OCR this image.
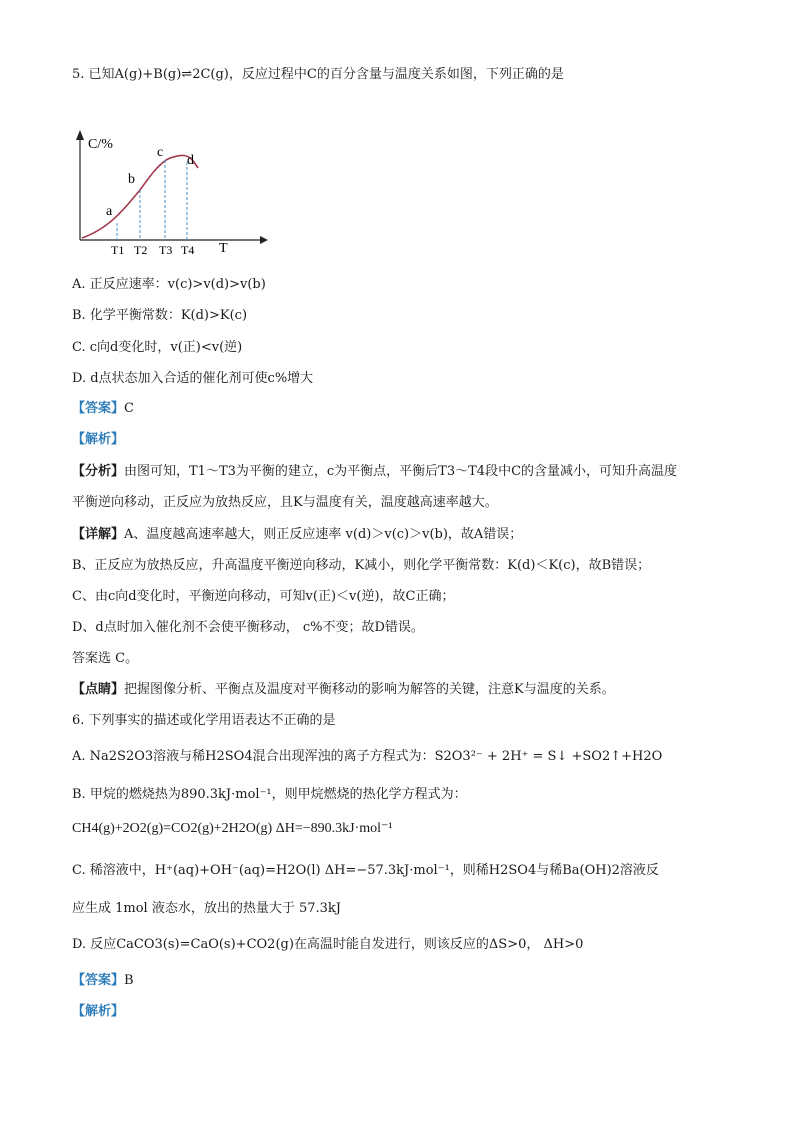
5. 已知A(g)+B(g)⇌2C(g)，反应过程中C的百分含量与温度关系如图，下列正确的是
C/%
T
a
b
c
d
T1 T2 T3 T4
A. 正反应速率：v(c)>v(d)>v(b)
B. 化学平衡常数：K(d)>K(c)
C. c向d变化时，v(正)<v(逆)
D. d点状态加入合适的催化剂可使c%增大
【答案】C
【解析】
【分析】由图可知，T1～T3为平衡的建立，c为平衡点，平衡后T3～T4段中C的含量减小，可知升高温度
平衡逆向移动，正反应为放热反应，且K与温度有关，温度越高速率越大。
【详解】A、温度越高速率越大，则正反应速率 v(d)＞v(c)＞v(b)，故A错误；
B、正反应为放热反应，升高温度平衡逆向移动，K减小，则化学平衡常数：K(d)＜K(c)，故B错误；
C、由c向d变化时，平衡逆向移动，可知v(正)＜v(逆)，故C正确；
D、d点时加入催化剂不会使平衡移动， c%不变；故D错误。
答案选 C。
【点睛】把握图像分析、平衡点及温度对平衡移动的影响为解答的关键，注意K与温度的关系。
6. 下列事实的描述或化学用语表达不正确的是
A. Na2S2O3溶液与稀H2SO4混合出现浑浊的离子方程式为：S2O3²⁻ + 2H⁺ = S↓ +SO2↑+H2O
B. 甲烷的燃烧热为890.3kJ·mol⁻¹，则甲烷燃烧的热化学方程式为：
CH4(g)+2O2(g)=CO2(g)+2H2O(g) ΔH=−890.3kJ·mol⁻¹
C. 稀溶液中，H⁺(aq)+OH⁻(aq)=H2O(l) ΔH=−57.3kJ·mol⁻¹，则稀H2SO4与稀Ba(OH)2溶液反
应生成 1mol 液态水，放出的热量大于 57.3kJ
D. 反应CaCO3(s)=CaO(s)+CO2(g)在高温时能自发进行，则该反应的ΔS>0， ΔH>0
【答案】B
【解析】
